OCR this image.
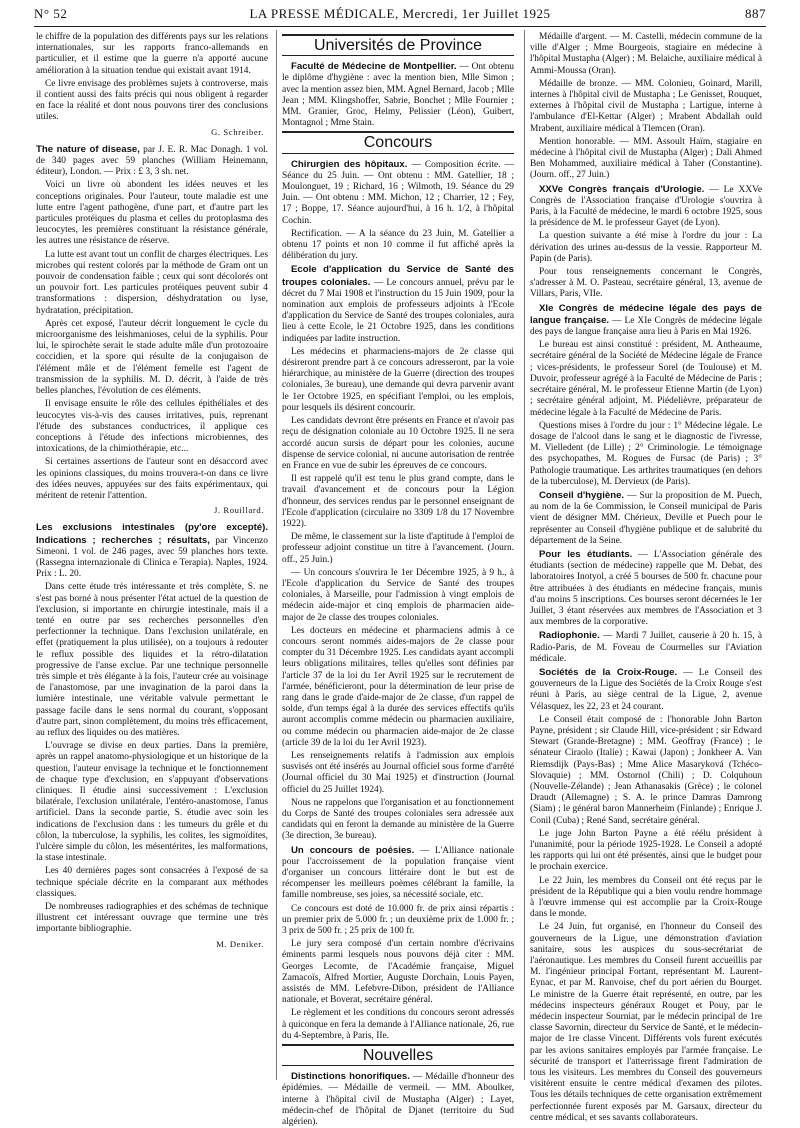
N° 52	LA PRESSE MÉDICALE, Mercredi, 1er Juillet 1925	887

le chiffre de la population des différents pays sur les relations internationales, sur les rapports franco-allemands en particulier, et il estime que la guerre n'a apporté aucune amélioration à la situation tendue qui existait avant 1914.

Ce livre envisage des problèmes sujets à controverse, mais il contient aussi des faits précis qui nous obligent à regarder en face la réalité et dont nous pouvons tirer des conclusions utiles.

G. Schreiber.

The nature of disease, par J. E. R. Mac Donagh. 1 vol. de 340 pages avec 59 planches (William Heinemann, éditeur), London. — Prix : £ 3, 3 sh. net.

Voici un livre où abondent les idées neuves et les conceptions originales. Pour l'auteur, toute maladie est une lutte entre l'agent pathogène, d'une part, et d'autre part les particules protéiques du plasma et celles du protoplasma des leucocytes, les premières constituant la résistance générale, les autres une résistance de réserve.

La lutte est avant tout un conflit de charges électriques. Les microbes qui restent colorés par la méthode de Gram ont un pouvoir de condensation faible ; ceux qui sont décolorés ont un pouvoir fort. Les particules protéiques peuvent subir 4 transformations : dispersion, déshydratation ou lyse, hydratation, précipitation.

Après cet exposé, l'auteur décrit longuement le cycle du microorganisme des leishmanioses, celui de la syphilis. Pour lui, le spirochète serait le stade adulte mâle d'un protozoaire coccidien, et la spore qui résulte de la conjugaison de l'élément mâle et de l'élément femelle est l'agent de transmission de la syphilis. M. D. décrit, à l'aide de très belles planches, l'évolution de ces éléments.

Il envisage ensuite le rôle des cellules épithéliales et des leucocytes vis-à-vis des causes irritatives, puis, reprenant l'étude des substances conductrices, il applique ces conceptions à l'étude des infections microbiennes, des intoxications, de la chimiothérapie, etc...

Si certaines assertions de l'auteur sont en désaccord avec les opinions classiques, du moins trouvera-t-on dans ce livre des idées neuves, appuyées sur des faits expérimentaux, qui méritent de retenir l'attention.

J. Rouillard.

Les exclusions intestinales (py'ore excepté). Indications ; recherches ; résultats, par Vincenzo Simeoni. 1 vol. de 246 pages, avec 59 planches hors texte. (Rassegna internazionale di Clinica e Terapia). Naples, 1924. Prix : L. 20.

Dans cette étude très intéressante et très complète, S. ne s'est pas borné à nous présenter l'état actuel de la question de l'exclusion, si importante en chirurgie intestinale, mais il a tenté en outre par ses recherches personnelles d'en perfectionner la technique. Dans l'exclusion unilatérale, en effet (pratiquement la plus utilisée), on a toujours à redouter le reflux possible des liquides et la rétro-dilatation progressive de l'anse exclue. Par une technique personnelle très simple et très élégante à la fois, l'auteur crée au voisinage de l'anastomose, par une invagination de la paroi dans la lumière intestinale, une véritable valvule permettant le passage facile dans le sens normal du courant, s'opposant d'autre part, sinon complètement, du moins très efficacement, au reflux des liquides ou des matières.

L'ouvrage se divise en deux parties. Dans la première, après un rappel anatomo-physiologique et un historique de la question, l'auteur envisage la technique et le fonctionnement de chaque type d'exclusion, en s'appuyant d'observations cliniques. Il étudie ainsi successivement : L'exclusion bilatérale, l'exclusion unilatérale, l'entéro-anastomose, l'anus artificiel. Dans la seconde partie, S. étudie avec soin les indications de l'exclusion dans : les tumeurs du grêle et du côlon, la tuberculose, la syphilis, les colites, les sigmoïdites, l'ulcère simple du côlon, les mésentérites, les malformations, la stase intestinale.

Les 40 dernières pages sont consacrées à l'exposé de sa technique spéciale décrite en la comparant aux méthodes classiques.

De nombreuses radiographies et des schémas de technique illustrent cet intéressant ouvrage que termine une très importante bibliographie.

M. Deniker.
Universités de Province

Faculté de Médecine de Montpellier. — Ont obtenu le diplôme d'hygiène : avec la mention bien, Mlle Simon ; avec la mention assez bien, MM. Agnel Bernard, Jacob ; Mlle Jean ; MM. Klingshoffer, Sabrie, Bonchet ; Mlle Fournier ; MM. Granier, Groc, Helmy, Pelissier (Léon), Guibert, Montagnol ; Mme Stain.

Concours

Chirurgien des hôpitaux. — Composition écrite. — Séance du 25 Juin. — Ont obtenu : MM. Gatellier, 18 ; Moulonguet, 19 ; Richard, 16 ; Wilmoth, 19. Séance du 29 Juin. — Ont obtenu : MM. Michon, 12 ; Charrier, 12 ; Fey, 17 ; Boppe, 17. Séance aujourd'hui, à 16 h. 1/2, à l'hôpital Cochin.

Rectification. — A la séance du 23 Juin, M. Gatellier a obtenu 17 points et non 10 comme il fut affiché après la délibération du jury.

Ecole d'application du Service de Santé des troupes coloniales. — Le concours annuel, prévu par le décret du 7 Mai 1908 et l'instruction du 15 Juin 1909, pour la nomination aux emplois de professeurs adjoints à l'Ecole d'application du Service de Santé des troupes coloniales, aura lieu à cette Ecole, le 21 Octobre 1925, dans les conditions indiquées par ladite instruction.

Les médecins et pharmaciens-majors de 2e classe qui désireront prendre part à ce concours adresseront, par la voie hiérarchique, au ministère de la Guerre (direction des troupes coloniales, 3e bureau), une demande qui devra parvenir avant le 1er Octobre 1925, en spécifiant l'emploi, ou les emplois, pour lesquels ils désirent concourir.

Les candidats devront être présents en France et n'avoir pas reçu de désignation coloniale au 10 Octobre 1925. Il ne sera accordé aucun sursis de départ pour les colonies, aucune dispense de service colonial, ni aucune autorisation de rentrée en France en vue de subir les épreuves de ce concours.

Il est rappelé qu'il est tenu le plus grand compte, dans le travail d'avancement et de concours pour la Légion d'honneur, des services rendus par le personnel enseignant de l'Ecole d'application (circulaire no 3309 1/8 du 17 Novembre 1922).

De même, le classement sur la liste d'aptitude à l'emploi de professeur adjoint constitue un titre à l'avancement. (Journ. off., 25 Juin.)

— Un concours s'ouvrira le 1er Décembre 1925, à 9 h., à l'Ecole d'application du Service de Santé des troupes coloniales, à Marseille, pour l'admission à vingt emplois de médecin aide-major et cinq emplois de pharmacien aide-major de 2e classe des troupes coloniales.

Les docteurs en médecine et pharmaciens admis à ce concours seront nommés aides-majors de 2e classe pour compter du 31 Décembre 1925. Les candidats ayant accompli leurs obligations militaires, telles qu'elles sont définies par l'article 37 de la loi du 1er Avril 1925 sur le recrutement de l'armée, bénéficieront, pour la détermination de leur prise de rang dans le grade d'aide-major de 2e classe, d'un rappel de solde, d'un temps égal à la durée des services effectifs qu'ils auront accomplis comme médecin ou pharmacien auxiliaire, ou comme médecin ou pharmacien aide-major de 2e classe (article 39 de la loi du 1er Avril 1923).

Les renseignements relatifs à l'admission aux emplois susvisés ont été insérés au Journal officiel sous forme d'arrêté (Journal officiel du 30 Mai 1925) et d'instruction (Journal officiel du 25 Juillet 1924).

Nous ne rappelons que l'organisation et au fonctionnement du Corps de Santé des troupes coloniales sera adressée aux candidats qui en feront la demande au ministère de la Guerre (3e direction, 3e bureau).

Un concours de poésies. — L'Alliance nationale pour l'accroissement de la population française vient d'organiser un concours littéraire dont le but est de récompenser les meilleurs poèmes célébrant la famille, la famille nombreuse, ses joies, sa nécessité sociale, etc.

Ce concours est doté de 10.000 fr. de prix ainsi répartis : un premier prix de 5.000 fr. ; un deuxième prix de 1.000 fr. ; 3 prix de 500 fr. ; 25 prix de 100 fr.

Le jury sera composé d'un certain nombre d'écrivains éminents parmi lesquels nous pouvons déjà citer : MM. Georges Lecomte, de l'Académie française, Miguel Zamacoïs, Alfred Mortier, Auguste Dorchain, Louis Payen, assistés de MM. Lefebvre-Dibon, président de l'Alliance nationale, et Boverat, secrétaire général.

Le règlement et les conditions du concours seront adressés à quiconque en fera la demande à l'Alliance nationale, 26, rue du 4-Septembre, à Paris, IIe.

Nouvelles

Distinctions honorifiques. — Médaille d'honneur des épidémies. — Médaille de vermeil. — MM. Aboulker, interne à l'hôpital civil de Mustapha (Alger) ; Layet, médecin-chef de l'hôpital de Djanet (territoire du Sud algérien).

Médaille d'argent. — M. Castelli, médecin commune de la ville d'Alger ; Mme Bourgeois, stagiaire en médecine à l'hôpital Mustapha (Alger) ; M. Belaiche, auxiliaire médical à Ammi-Moussa (Oran).

Médaille de bronze. — MM. Colonieu, Goinard, Marill, internes à l'hôpital civil de Mustapha ; Le Genisset, Rouquet, externes à l'hôpital civil de Mustapha ; Lartigue, interne à l'ambulance d'El-Kettar (Alger) ; Mrabent Abdallah ould Mrabent, auxiliaire médical à Tlemcen (Oran).

Mention honorable. — MM. Assoult Haïm, stagiaire en médecine à l'hôpital civil de Mustapha (Alger) ; Dali Ahmed Ben Mohammed, auxiliaire médical à Taher (Constantine). (Journ. off., 27 Juin.)

XXVe Congrès français d'Urologie. — Le XXVe Congrès de l'Association française d'Urologie s'ouvrira à Paris, à la Faculté de médecine, le mardi 6 octobre 1925, sous la présidence de M. le professeur Gayet (de Lyon).

La question suivante a été mise à l'ordre du jour : La dérivation des urines au-dessus de la vessie. Rapporteur M. Papin (de Paris).

Pour tous renseignements concernant le Congrès, s'adresser à M. O. Pasteau, secrétaire général, 13, avenue de Villars, Paris, VIIe.

XIe Congrès de médecine légale des pays de langue française. — Le XIe Congrès de médecine légale des pays de langue française aura lieu à Paris en Mai 1926.

Le bureau est ainsi constitué : président, M. Antheaume, secrétaire général de la Société de Médecine légale de France ; vices-présidents, le professeur Sorel (de Toulouse) et M. Duvoir, professeur agrégé à la Faculté de Médecine de Paris ; secrétaire général, M. le professeur Etienne Martin (de Lyon) ; secrétaire général adjoint, M. Piédelièvre, préparateur de médecine légale à la Faculté de Médecine de Paris.

Questions mises à l'ordre du jour : 1° Médecine légale. Le dosage de l'alcool dans le sang et le diagnostic de l'ivresse, M. Vielledent (de Lille) ; 2° Criminologie. Le témoignage des psychopathes, M. Rogues de Fursac (de Paris) ; 3° Pathologie traumatique. Les arthrites traumatiques (en dehors de la tuberculose), M. Dervieux (de Paris).

Conseil d'hygiène. — Sur la proposition de M. Puech, au nom de la 6e Commission, le Conseil municipal de Paris vient de désigner MM. Chérieux, Deville et Puech pour le représenter au Conseil d'hygiène publique et de salubrité du département de la Seine.

Pour les étudiants. — L'Association générale des étudiants (section de médecine) rappelle que M. Debat, des laboratoires Inotyol, a créé 5 bourses de 500 fr. chacune pour être attribuées à des étudiants en médecine français, munis d'au moins 5 inscriptions. Ces bourses seront décernées le 1er Juillet, 3 étant réservées aux membres de l'Association et 3 aux membres de la corporative.

Radiophonie. — Mardi 7 Juillet, causerie à 20 h. 15, à Radio-Paris, de M. Foveau de Courmelles sur l'Aviation médicale.

Sociétés de la Croix-Rouge. — Le Conseil des gouverneurs de la Ligue des Sociétés de la Croix Rouge s'est réuni à Paris, au siège central de la Ligue, 2, avenue Vélasquez, les 22, 23 et 24 courant.

Le Conseil était composé de : l'honorable John Barton Payne, président ; sir Claude Hill, vice-président ; sir Edward Stewart (Grande-Bretagne) ; MM. Geoffray (France) ; le sénateur Ciraolo (Italie) ; Kawai (Japon) ; Jonkheer A. Van Riemsdijk (Pays-Bas) ; Mme Alice Masaryková (Tchéco-Slovaquie) ; MM. Ostornol (Chili) ; D. Colquhoun (Nouvelle-Zélande) ; Jean Athanasakis (Grèce) ; le colonel Draudt (Allemagne) ; S. A. le prince Damras Damrong (Siam) ; le général baron Mannerheim (Finlande) ; Enrique J. Conil (Cuba) ; René Sand, secrétaire général.

Le juge John Barton Payne a été réélu président à l'unanimité, pour la période 1925-1928. Le Conseil a adopté les rapports qui lui ont été présentés, ainsi que le budget pour le prochain exercice.

Le 22 Juin, les membres du Conseil ont été reçus par le président de la République qui a bien voulu rendre hommage à l'œuvre immense qui est accomplie par la Croix-Rouge dans le monde.

Le 24 Juin, fut organisé, en l'honneur du Conseil des gouverneurs de la Ligue, une démonstration d'aviation sanitaire, sous les auspices du sous-secrétariat de l'aéronautique. Les membres du Conseil furent accueillis par M. l'ingénieur principal Fortant, représentant M. Laurent-Eynac, et par M. Ranvoise, chef du port aérien du Bourget. Le ministre de la Guerre était représenté, en outre, par les médecins inspecteurs généraux Rouget et Pouy, par le médecin inspecteur Sourniat, par le médecin principal de 1re classe Savornin, directeur du Service de Santé, et le médecin-major de 1re classe Vincent. Différents vols furent exécutés par les avions sanitaires employés par l'armée française. Le sécurité de transport et l'atterrissage firent l'admiration de tous les visiteurs. Les membres du Conseil des gouverneurs visitèrent ensuite le centre médical d'examen des pilotes. Tous les détails techniques de cette organisation extrêmement perfectionnée furent exposés par M. Garsaux, directeur du centre médical, et ses savants collaborateurs.
